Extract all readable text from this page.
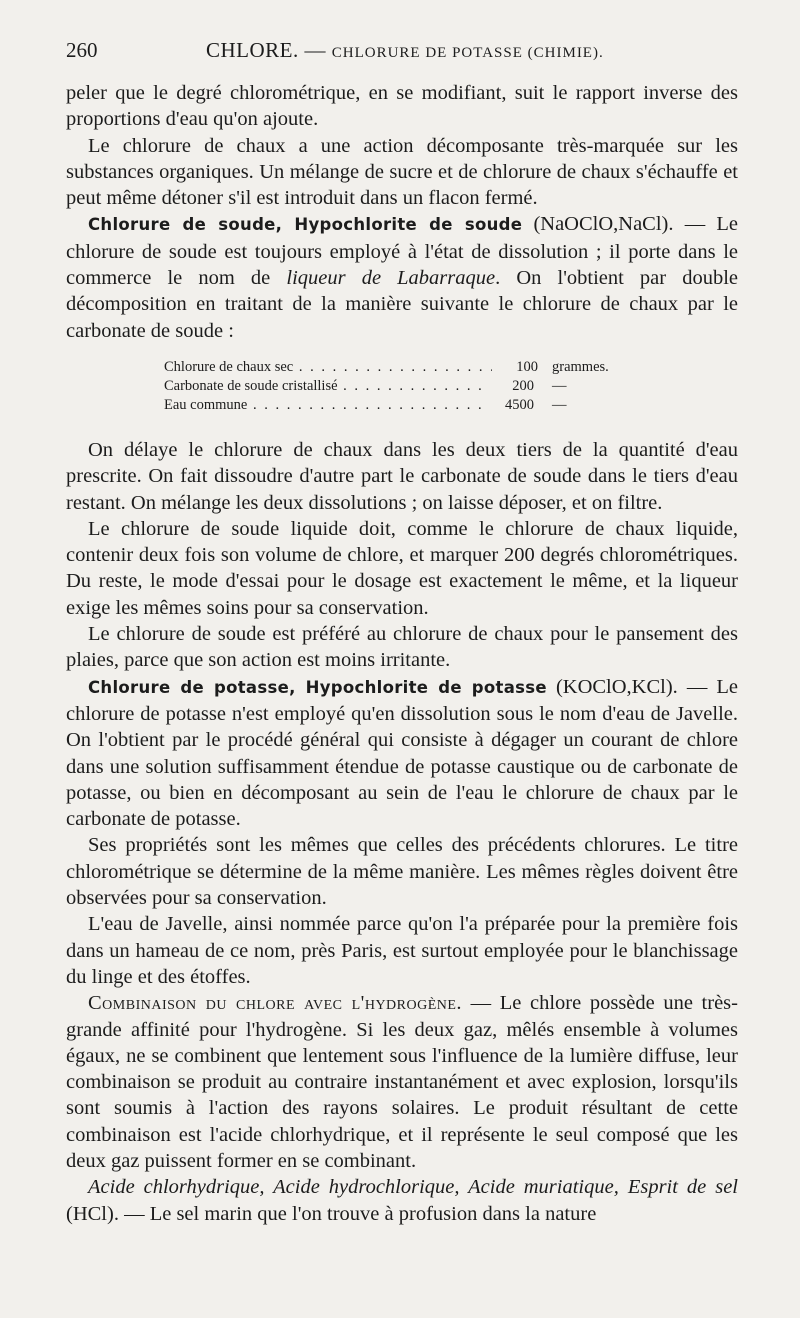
260	CHLORE. — CHLORURE DE POTASSE (CHIMIE).

peler que le degré chlorométrique, en se modifiant, suit le rapport inverse des proportions d'eau qu'on ajoute.

Le chlorure de chaux a une action décomposante très-marquée sur les substances organiques. Un mélange de sucre et de chlorure de chaux s'échauffe et peut même détoner s'il est introduit dans un flacon fermé.

Chlorure de soude, Hypochlorite de soude (NaOClO,NaCl). — Le chlorure de soude est toujours employé à l'état de dissolution ; il porte dans le commerce le nom de liqueur de Labarraque. On l'obtient par double décomposition en traitant de la manière suivante le chlorure de chaux par le carbonate de soude :

Chlorure de chaux sec . . .	100 grammes.
Carbonate de soude cristallisé . . .	200	—
Eau commune . . .	4500	—

On délaye le chlorure de chaux dans les deux tiers de la quantité d'eau prescrite. On fait dissoudre d'autre part le carbonate de soude dans le tiers d'eau restant. On mélange les deux dissolutions ; on laisse déposer, et on filtre.

Le chlorure de soude liquide doit, comme le chlorure de chaux liquide, contenir deux fois son volume de chlore, et marquer 200 degrés chlorométriques. Du reste, le mode d'essai pour le dosage est exactement le même, et la liqueur exige les mêmes soins pour sa conservation.

Le chlorure de soude est préféré au chlorure de chaux pour le pansement des plaies, parce que son action est moins irritante.

Chlorure de potasse, Hypochlorite de potasse (KOClO,KCl). — Le chlorure de potasse n'est employé qu'en dissolution sous le nom d'eau de Javelle. On l'obtient par le procédé général qui consiste à dégager un courant de chlore dans une solution suffisamment étendue de potasse caustique ou de carbonate de potasse, ou bien en décomposant au sein de l'eau le chlorure de chaux par le carbonate de potasse.

Ses propriétés sont les mêmes que celles des précédents chlorures. Le titre chlorométrique se détermine de la même manière. Les mêmes règles doivent être observées pour sa conservation.

L'eau de Javelle, ainsi nommée parce qu'on l'a préparée pour la première fois dans un hameau de ce nom, près Paris, est surtout employée pour le blanchissage du linge et des étoffes.

Combinaison du chlore avec l'hydrogène. — Le chlore possède une très-grande affinité pour l'hydrogène. Si les deux gaz, mêlés ensemble à volumes égaux, ne se combinent que lentement sous l'influence de la lumière diffuse, leur combinaison se produit au contraire instantanément et avec explosion, lorsqu'ils sont soumis à l'action des rayons solaires. Le produit résultant de cette combinaison est l'acide chlorhydrique, et il représente le seul composé que les deux gaz puissent former en se combinant.

Acide chlorhydrique, Acide hydrochlorique, Acide muriatique, Esprit de sel (HCl). — Le sel marin que l'on trouve à profusion dans la nature
